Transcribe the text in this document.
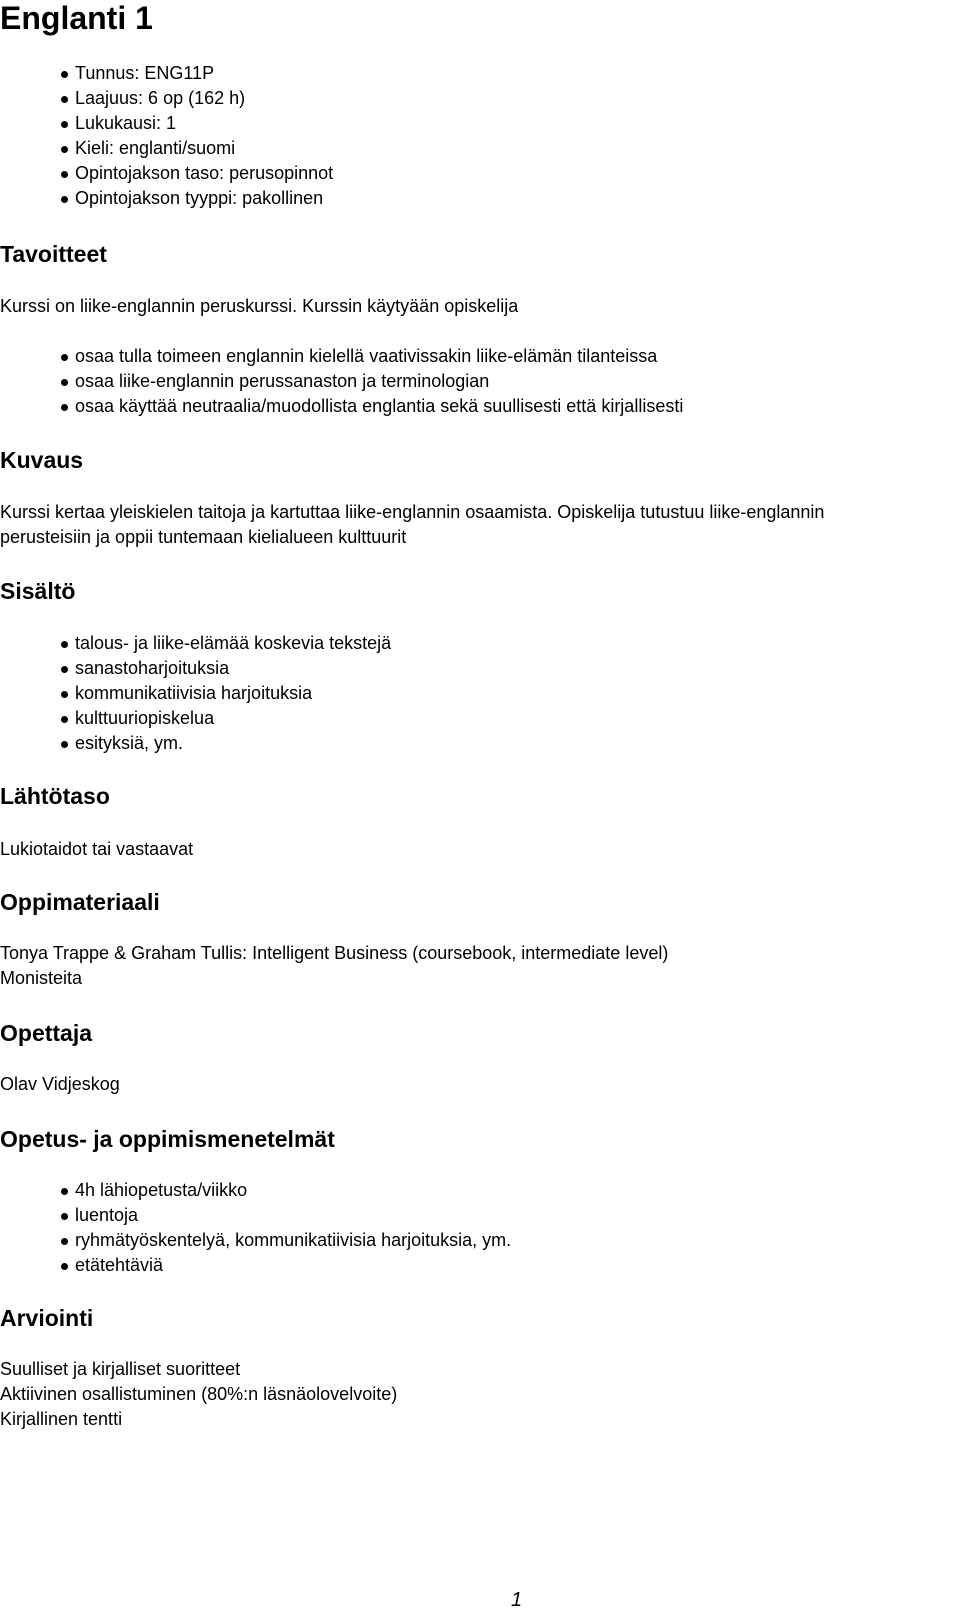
Englanti 1
Tunnus: ENG11P
Laajuus: 6 op (162 h)
Lukukausi: 1
Kieli: englanti/suomi
Opintojakson taso: perusopinnot
Opintojakson tyyppi: pakollinen
Tavoitteet

Kurssi on liike-englannin peruskurssi. Kurssin käytyään opiskelija

osaa tulla toimeen englannin kielellä vaativissakin liike-elämän tilanteissa
osaa liike-englannin perussanaston ja terminologian
osaa käyttää neutraalia/muodollista englantia sekä suullisesti että kirjallisesti
Kuvaus

Kurssi kertaa yleiskielen taitoja ja kartuttaa liike-englannin osaamista. Opiskelija tutustuu liike-englannin
perusteisiin ja oppii tuntemaan kielialueen kulttuurit

Sisältö
talous- ja liike-elämää koskevia tekstejä
sanastoharjoituksia
kommunikatiivisia harjoituksia
kulttuuriopiskelua
esityksiä, ym.
Lähtötaso

Lukiotaidot tai vastaavat

Oppimateriaali

Tonya Trappe & Graham Tullis: Intelligent Business (coursebook, intermediate level)
Monisteita

Opettaja

Olav Vidjeskog

Opetus- ja oppimismenetelmät
4h lähiopetusta/viikko
luentoja
ryhmätyöskentelyä, kommunikatiivisia harjoituksia, ym.
etätehtäviä
Arviointi

Suulliset ja kirjalliset suoritteet
Aktiivinen osallistuminen (80%:n läsnäolovelvoite)
Kirjallinen tentti

1
